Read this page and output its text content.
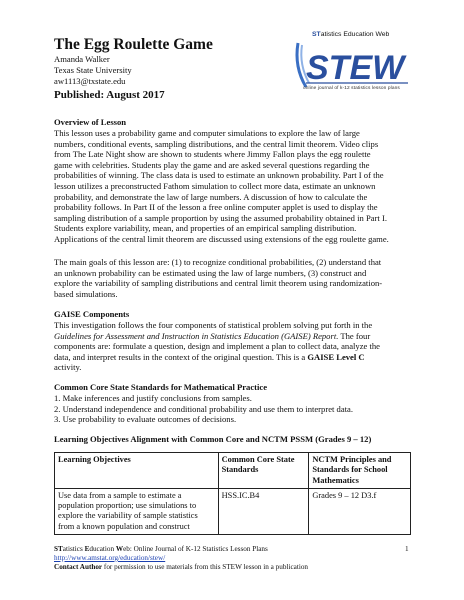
The Egg Roulette Game
Amanda Walker
Texas State University
aw1113@txstate.edu
Published: August 2017
STatistics Education Web
STEW
online journal of k-12 statistics lesson plans
Overview of Lesson

This lesson uses a probability game and computer simulations to explore the law of large
numbers, conditional events, sampling distributions, and the central limit theorem. Video clips
from The Late Night show are shown to students where Jimmy Fallon plays the egg roulette
game with celebrities. Students play the game and are asked several questions regarding the
probabilities of winning. The class data is used to estimate an unknown probability. Part I of the
lesson utilizes a preconstructed Fathom simulation to collect more data, estimate an unknown
probability, and demonstrate the law of large numbers. A discussion of how to calculate the
probability follows. In Part II of the lesson a free online computer applet is used to display the
sampling distribution of a sample proportion by using the assumed probability obtained in Part I.
Students explore variability, mean, and properties of an empirical sampling distribution.
Applications of the central limit theorem are discussed using extensions of the egg roulette game.

The main goals of this lesson are: (1) to recognize conditional probabilities, (2) understand that
an unknown probability can be estimated using the law of large numbers, (3) construct and
explore the variability of sampling distributions and central limit theorem using randomization-
based simulations.

GAISE Components

This investigation follows the four components of statistical problem solving put forth in the
Guidelines for Assessment and Instruction in Statistics Education (GAISE) Report. The four
components are: formulate a question, design and implement a plan to collect data, analyze the
data, and interpret results in the context of the original question. This is a GAISE Level C
activity.

Common Core State Standards for Mathematical Practice

1. Make inferences and justify conclusions from samples.
2. Understand independence and conditional probability and use them to interpret data.
3. Use probability to evaluate outcomes of decisions.

Learning Objectives Alignment with Common Core and NCTM PSSM (Grades 9 – 12)
Learning Objectives	Common Core State
Standards	NCTM Principles and
Standards for School
Mathematics

Use data from a sample to estimate a
population proportion; use simulations to
explore the variability of sample statistics
from a known population and construct	HSS.IC.B4	Grades 9 – 12 D3.f
STatistics Education Web: Online Journal of K-12 Statistics Lesson Plans
http://www.amstat.org/education/stew/
Contact Author for permission to use materials from this STEW lesson in a publication
1
